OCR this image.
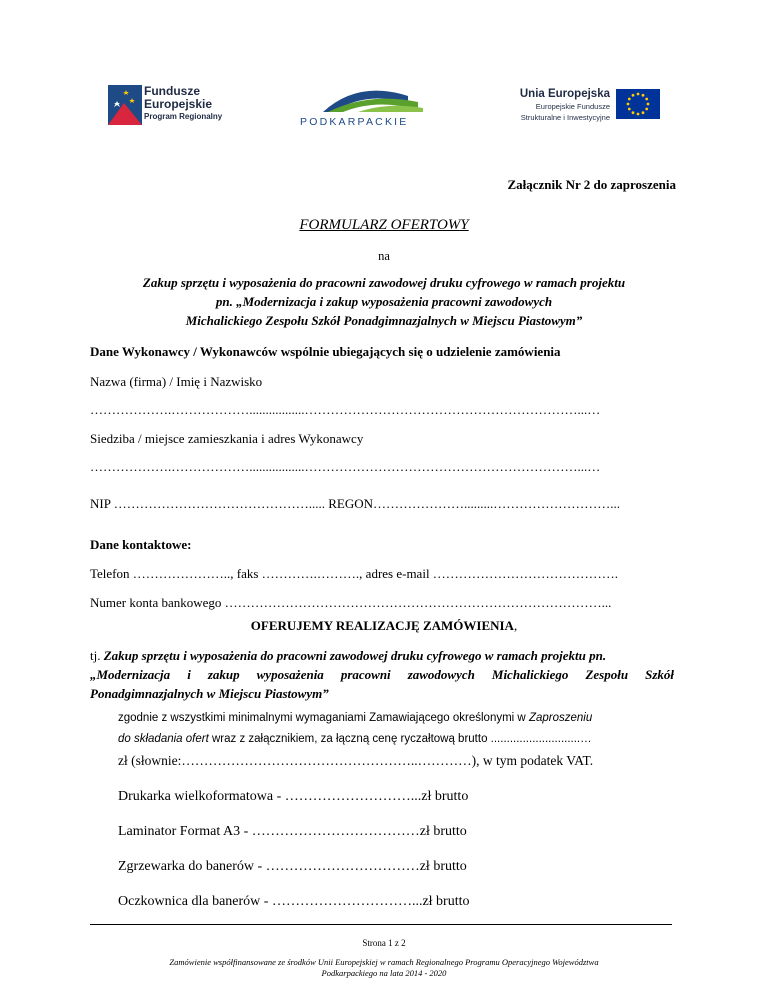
Fundusze
Europejskie
Program Regionalny	PODKARPACKIE
Unia Europejska
Europejskie Fundusze
Strukturalne i Inwestycyjne
Załącznik Nr 2 do zaproszenia
FORMULARZ OFERTOWY
na
Zakup sprzętu i wyposażenia do pracowni zawodowej druku cyfrowego w ramach projektu
pn. „Modernizacja i zakup wyposażenia pracowni zawodowych
Michalickiego Zespołu Szkół Ponadgimnazjalnych w Miejscu Piastowym”
Dane Wykonawcy / Wykonawców wspólnie ubiegających się o udzielenie zamówienia
Nazwa (firma) / Imię i Nazwisko
……………….……………….................………………………………………………………...…
Siedziba / miejsce zamieszkania i adres Wykonawcy
……………….……………….................………………………………………………………...…
NIP ………………………………………..... REGON………………….........………………………...
Dane kontaktowe:
Telefon ………………….., faks ………….………., adres e-mail …………………………………….
Numer konta bankowego ……………………………………………………………………………...
OFERUJEMY REALIZACJĘ ZAMÓWIENIA,
tj. Zakup sprzętu i wyposażenia do pracowni zawodowej druku cyfrowego w ramach projektu pn.
„Modernizacja i zakup wyposażenia pracowni zawodowych Michalickiego Zespołu Szkół
Ponadgimnazjalnych w Miejscu Piastowym”
zgodnie z wszystkimi minimalnymi wymaganiami Zamawiającego określonymi w Zaproszeniu
do składania ofert wraz z załącznikiem, za łączną cenę ryczałtową brutto ............................…
zł (słownie:……………………………………………..…………), w tym podatek VAT.
Drukarka wielkoformatowa - ………………………...zł brutto
Laminator Format A3 - ………………………………zł brutto
Zgrzewarka do banerów - ……………………………zł brutto
Oczkownica dla banerów - …………………………...zł brutto
Strona 1 z 2
Zamówienie współfinansowane ze środków Unii Europejskiej w ramach Regionalnego Programu Operacyjnego Województwa
Podkarpackiego na lata 2014 - 2020
